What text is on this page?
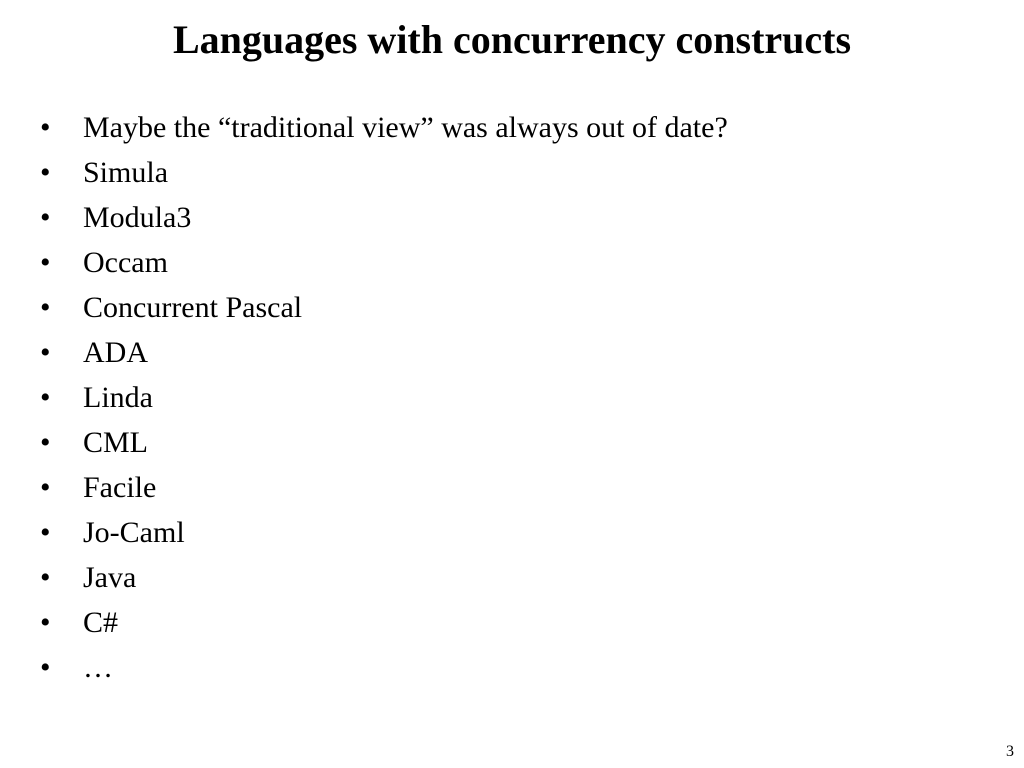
Languages with concurrency constructs
•	Maybe the “traditional view” was always out of date?
•	Simula
•	Modula3
•	Occam
•	Concurrent Pascal
•	ADA
•	Linda
•	CML
•	Facile
•	Jo-Caml
•	Java
•	C#
•	…
3
